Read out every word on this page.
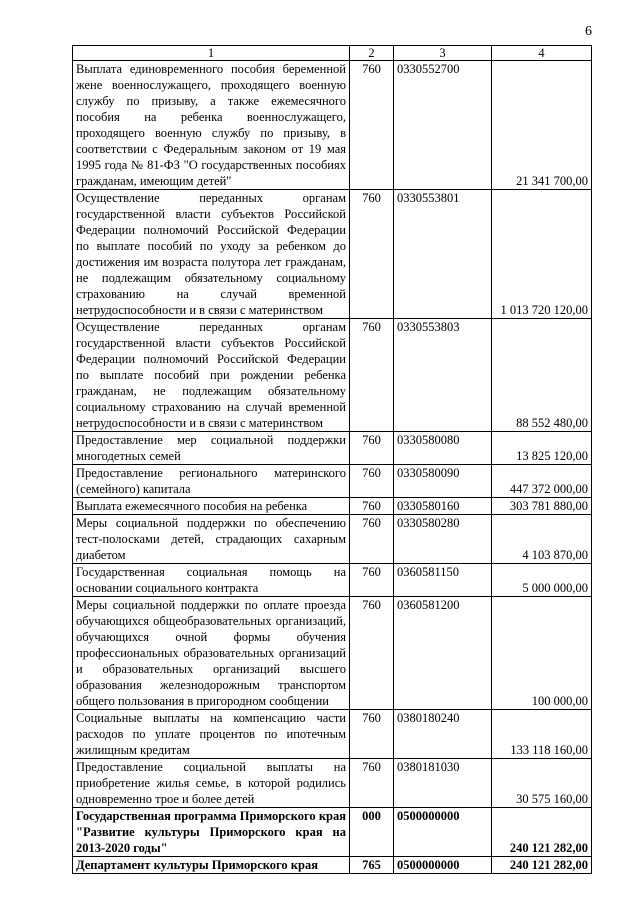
6
1	2	3	4
Выплата единовременного пособия беременной жене военнослужащего, проходящего военную службу по призыву, а также ежемесячного пособия на ребенка военнослужащего, проходящего военную службу по призыву, в соответствии с Федеральным законом от 19 мая 1995 года № 81-ФЗ "О государственных пособиях гражданам, имеющим детей"	760	0330552700	21 341 700,00
Осуществление переданных органам государственной власти субъектов Российской Федерации полномочий Российской Федерации по выплате пособий по уходу за ребенком до достижения им возраста полутора лет гражданам, не подлежащим обязательному социальному страхованию на случай временной нетрудоспособности и в связи с материнством	760	0330553801	1 013 720 120,00
Осуществление переданных органам государственной власти субъектов Российской Федерации полномочий Российской Федерации по выплате пособий при рождении ребенка гражданам, не подлежащим обязательному социальному страхованию на случай временной нетрудоспособности и в связи с материнством	760	0330553803	88 552 480,00
Предоставление мер социальной поддержки многодетных семей	760	0330580080	13 825 120,00
Предоставление регионального материнского (семейного) капитала	760	0330580090	447 372 000,00
Выплата ежемесячного пособия на ребенка	760	0330580160	303 781 880,00
Меры социальной поддержки по обеспечению тест-полосками детей, страдающих сахарным диабетом	760	0330580280	4 103 870,00
Государственная социальная помощь на основании социального контракта	760	0360581150	5 000 000,00
Меры социальной поддержки по оплате проезда обучающихся общеобразовательных организаций, обучающихся очной формы обучения профессиональных образовательных организаций и образовательных организаций высшего образования железнодорожным транспортом общего пользования в пригородном сообщении	760	0360581200	100 000,00
Социальные выплаты на компенсацию части расходов по уплате процентов по ипотечным жилищным кредитам	760	0380180240	133 118 160,00
Предоставление социальной выплаты на приобретение жилья семье, в которой родились одновременно трое и более детей	760	0380181030	30 575 160,00
Государственная программа Приморского края "Развитие культуры Приморского края на 2013-2020 годы"	000	0500000000	240 121 282,00
Департамент культуры Приморского края	765	0500000000	240 121 282,00
